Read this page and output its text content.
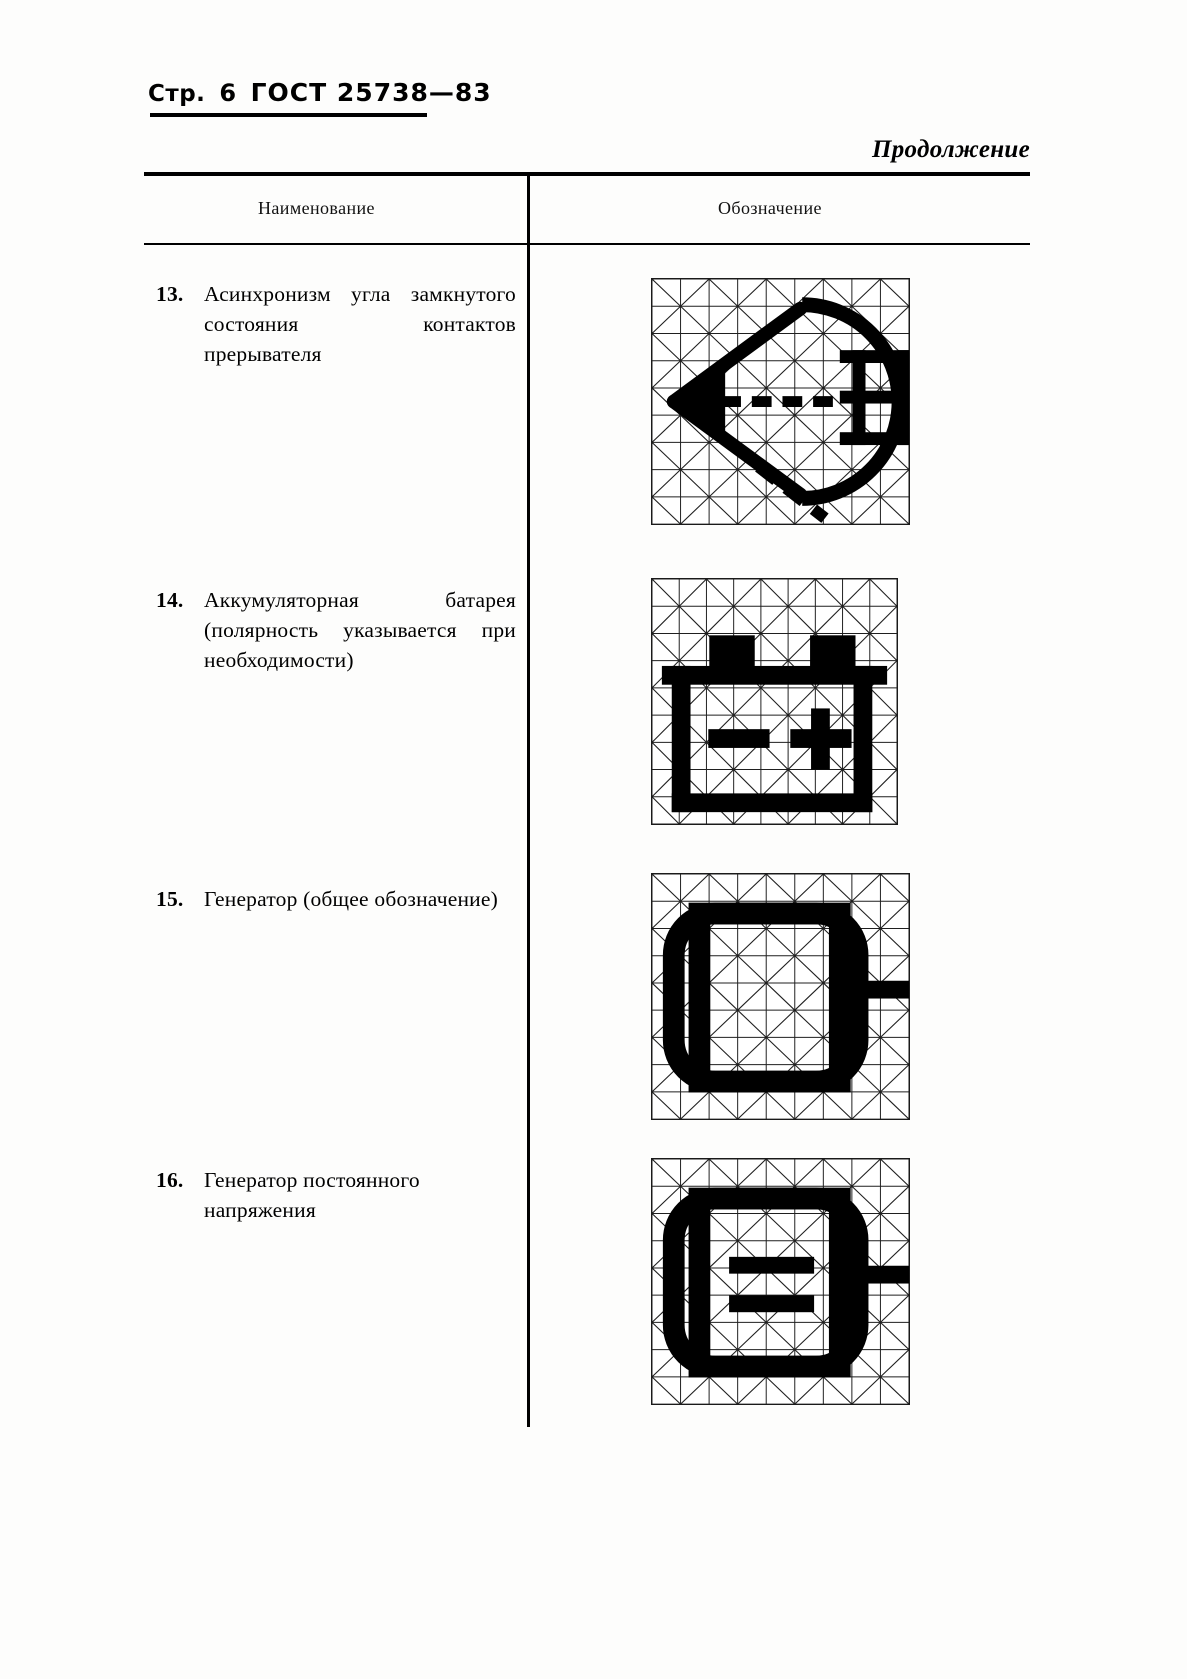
Стр. 6 ГОСТ 25738—83
Продолжение
Наименование	Обозначение
13. Асинхронизм угла замкнутого состояния контактов прерывателя
14. Аккумуляторная батарея (полярность указывается при необходимости)
15. Генератор (общее обозначение)
16. Генератор постоянного напряжения
